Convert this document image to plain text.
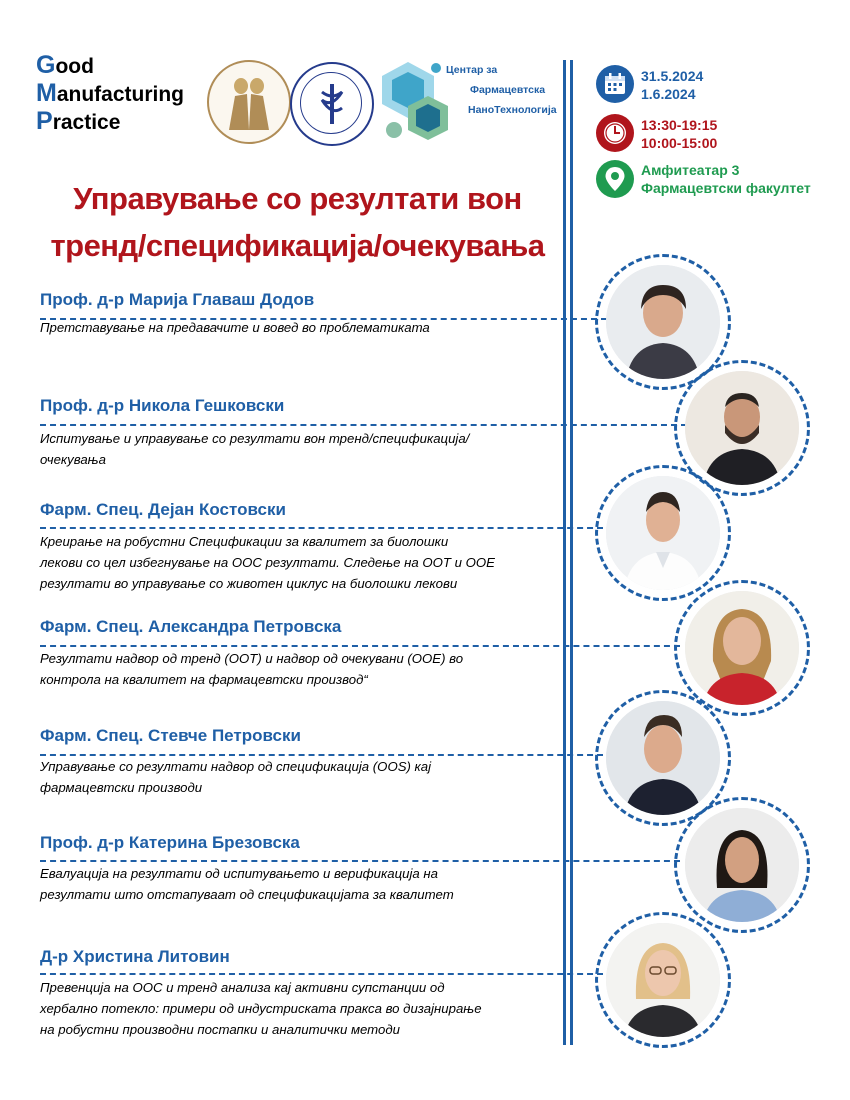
Good
Manufacturing
Practice
Центар за
Фармацевтска
НаноТехнологија
Управување со резултати вон
тренд/спецификација/очекувања
31.5.2024
1.6.2024
13:30-19:15
10:00-15:00
Амфитеатар 3
Фармацевтски факултет
Проф. д-р Марија Главаш Додов
Претставување на предавачите и вовед во проблематиката
Проф. д-р Никола Гешковски
Испитување и управување со резултати вон тренд/спецификација/
очекувања
Фарм. Спец. Дејан Костовски
Креирање на робустни Спецификации за квалитет за биолошки
лекови со цел избегнување на ООС резултати. Следење на ООТ и ООЕ
резултати во управување со животен циклус на биолошки лекови
Фарм. Спец. Александра Петровска
Резултати надвор од тренд (ООТ) и надвор од очекувани (ООЕ) во
контрола на квалитет на фармацевтски производ“
Фарм. Спец. Стевче Петровски
Управување со резултати надвор од спецификација (OOS) кај
фармацевтски производи
Проф. д-р Катерина Брезовска
Евалуација на резултати од испитувањето и верификација на
резултати што отстапуваат од спецификацијата за квалитет
Д-р Христина Литовин
Превенција на ООС и тренд анализа кај активни супстанции од
хербално потекло: примери од индустриската пракса во дизајнирање
на робустни производни постапки и аналитички методи
